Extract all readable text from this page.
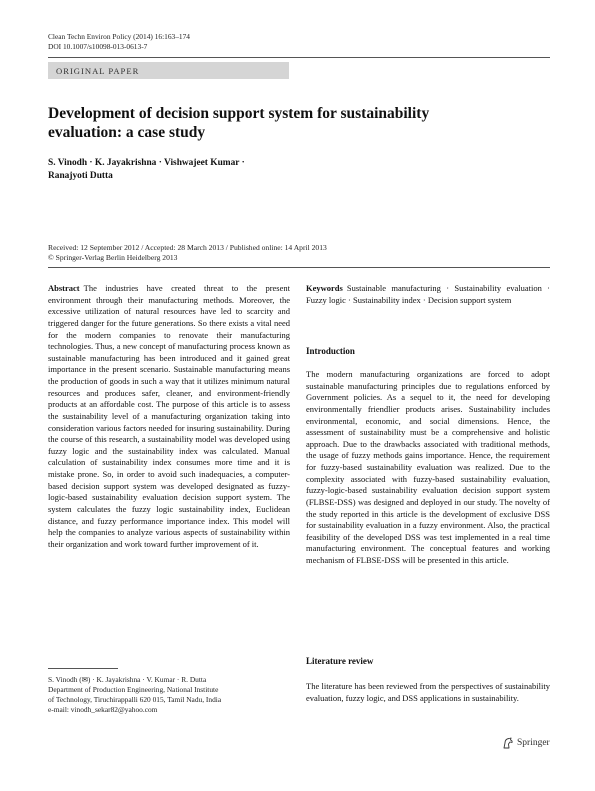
Clean Techn Environ Policy (2014) 16:163–174
DOI 10.1007/s10098-013-0613-7
ORIGINAL PAPER
Development of decision support system for sustainability evaluation: a case study
S. Vinodh · K. Jayakrishna · Vishwajeet Kumar ·
Ranajyoti Dutta
Received: 12 September 2012 / Accepted: 28 March 2013 / Published online: 14 April 2013
© Springer-Verlag Berlin Heidelberg 2013
Abstract The industries have created threat to the present environment through their manufacturing methods. Moreover, the excessive utilization of natural resources have led to scarcity and triggered danger for the future generations. So there exists a vital need for the modern companies to renovate their manufacturing technologies. Thus, a new concept of manufacturing process known as sustainable manufacturing has been introduced and it gained great importance in the present scenario. Sustainable manufacturing means the production of goods in such a way that it utilizes minimum natural resources and produces safer, cleaner, and environment-friendly products at an affordable cost. The purpose of this article is to assess the sustainability level of a manufacturing organization taking into consideration various factors needed for insuring sustainability. During the course of this research, a sustainability model was developed using fuzzy logic and the sustainability index was calculated. Manual calculation of sustainability index consumes more time and it is mistake prone. So, in order to avoid such inadequacies, a computer-based decision support system was developed designated as fuzzy-logic-based sustainability evaluation decision support system. The system calculates the fuzzy logic sustainability index, Euclidean distance, and fuzzy performance importance index. This model will help the companies to analyze various aspects of sustainability within their organization and work toward further improvement of it.
Keywords Sustainable manufacturing · Sustainability evaluation · Fuzzy logic · Sustainability index · Decision support system
Introduction
The modern manufacturing organizations are forced to adopt sustainable manufacturing principles due to regulations enforced by Government policies. As a sequel to it, the need for developing environmentally friendlier products arises. Sustainability includes environmental, economic, and social dimensions. Hence, the assessment of sustainability must be a comprehensive and holistic approach. Due to the drawbacks associated with traditional methods, the usage of fuzzy methods gains importance. Hence, the requirement for fuzzy-based sustainability evaluation was realized. Due to the complexity associated with fuzzy-based sustainability evaluation, fuzzy-logic-based sustainability evaluation decision support system (FLBSE-DSS) was designed and deployed in our study. The novelty of the study reported in this article is the development of exclusive DSS for sustainability evaluation in a fuzzy environment. Also, the practical feasibility of the developed DSS was test implemented in a real time manufacturing environment. The conceptual features and working mechanism of FLBSE-DSS will be presented in this article.
Literature review
The literature has been reviewed from the perspectives of sustainability evaluation, fuzzy logic, and DSS applications in sustainability.
S. Vinodh (✉) · K. Jayakrishna · V. Kumar · R. Dutta
Department of Production Engineering, National Institute
of Technology, Tiruchirappalli 620 015, Tamil Nadu, India
e-mail: vinodh_sekar82@yahoo.com
Springer
